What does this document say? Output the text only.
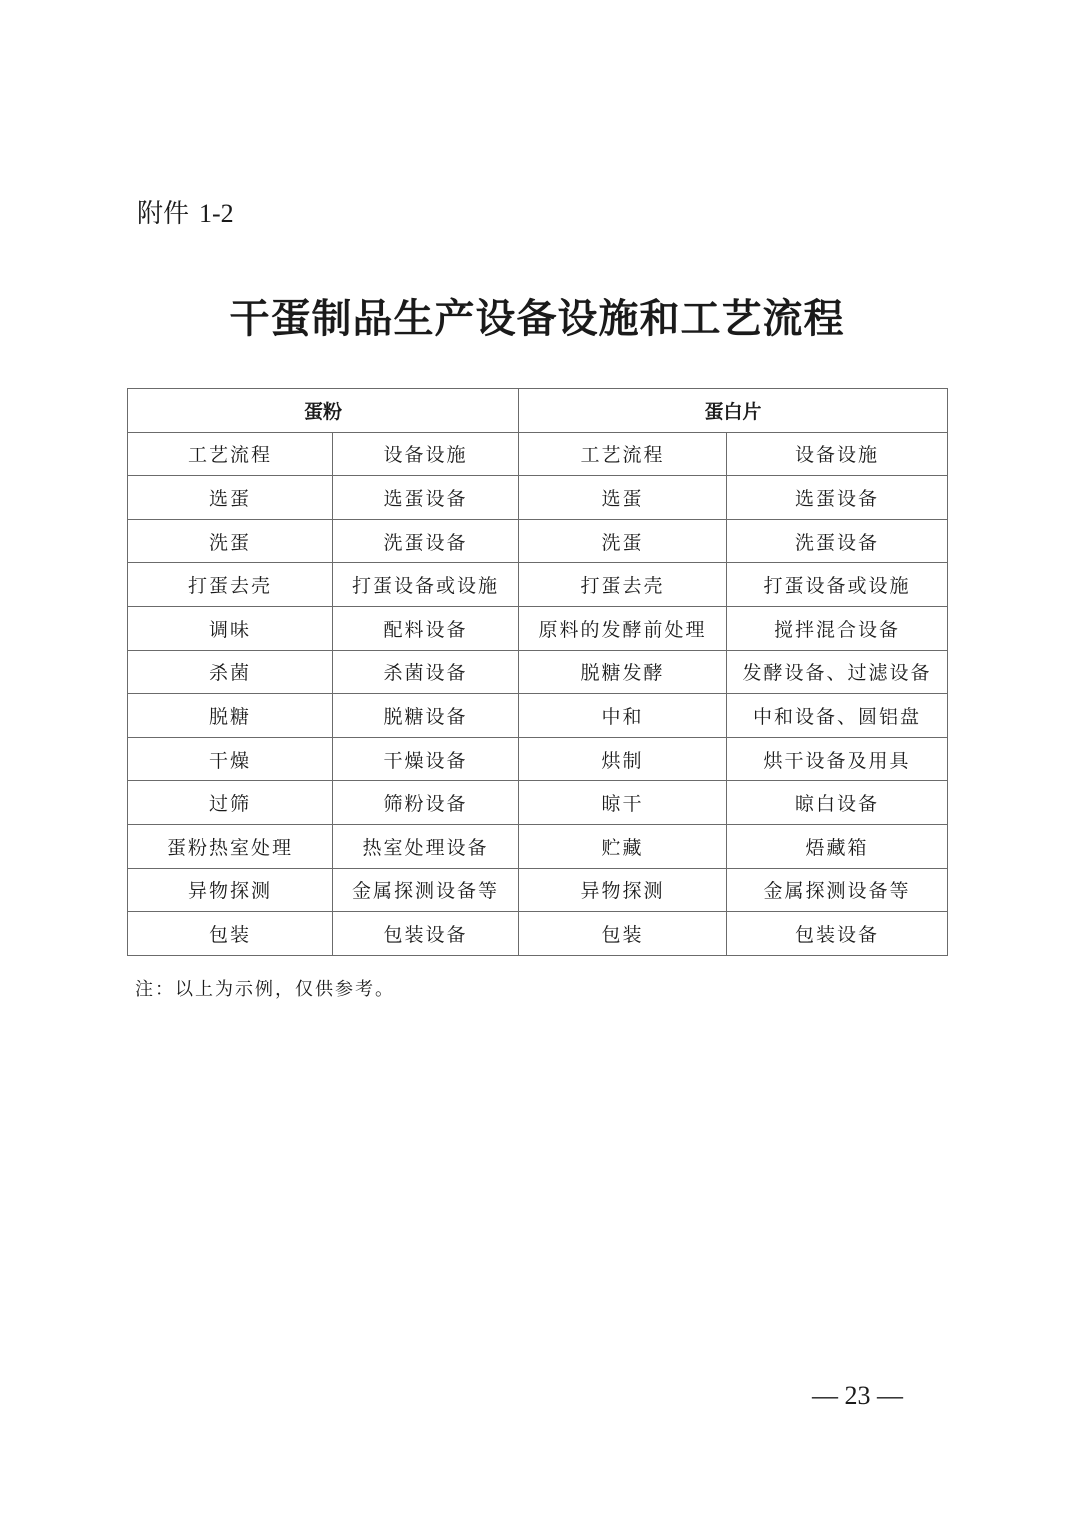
附件 1-2
干蛋制品生产设备设施和工艺流程
蛋粉		蛋白片	
工艺流程	设备设施	工艺流程	设备设施
选蛋	选蛋设备	选蛋	选蛋设备
洗蛋	洗蛋设备	洗蛋	洗蛋设备
打蛋去壳	打蛋设备或设施	打蛋去壳	打蛋设备或设施
调味	配料设备	原料的发酵前处理	搅拌混合设备
杀菌	杀菌设备	脱糖发酵	发酵设备、过滤设备
脱糖	脱糖设备	中和	中和设备、圆铝盘
干燥	干燥设备	烘制	烘干设备及用具
过筛	筛粉设备	晾干	晾白设备
蛋粉热室处理	热室处理设备	贮藏	焐藏箱
异物探测	金属探测设备等	异物探测	金属探测设备等
包装	包装设备	包装	包装设备
注：以上为示例，仅供参考。
— 23 —
